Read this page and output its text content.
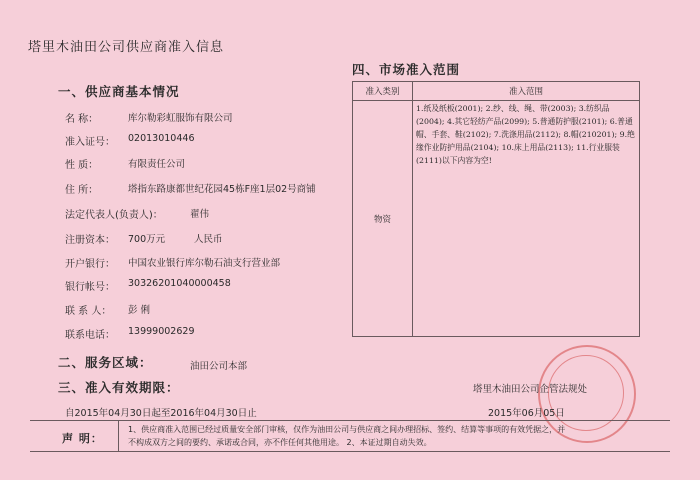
塔里木油田公司供应商准入信息
一、供应商基本情况
名 称：	库尔勒彩虹服饰有限公司
准入证号： 02013010446
性 质：	有限责任公司
住 所：	塔指东路康都世纪花园45栋F座1层02号商铺
法定代表人(负责人)：	翟伟
注册资本： 700万元	人民币
开户银行： 中国农业银行库尔勒石油支行营业部
银行帐号： 30326201040000458
联 系 人： 彭 俐
联系电话： 13999002629
二、服务区域：	油田公司本部
三、准入有效期限：
自2015年04月30日起至2016年04月30日止
四、市场准入范围
准入类别	准入范围
物资	1.纸及纸板(2001); 2.纱、线、绳、带(2003); 3.纺织品(2004); 4.其它轻纺产品(2099); 5.普通防护服(2101); 6.普通帽、手套、鞋(2102); 7.洗涤用品(2112); 8.帽(210201); 9.绝缘作业防护用品(2104); 10.床上用品(2113); 11.行业服装(2111)以下内容为空!
塔里木油田公司企管法规处
2015年06月05日
声 明：
1、供应商准入范围已经过质量安全部门审核，仅作为油田公司与供应商之间办理招标、签约、结算等事项的有效凭据之，并
不构成双方之间的要约、承诺或合同，亦不作任何其他用途。 2、本证过期自动失效。
